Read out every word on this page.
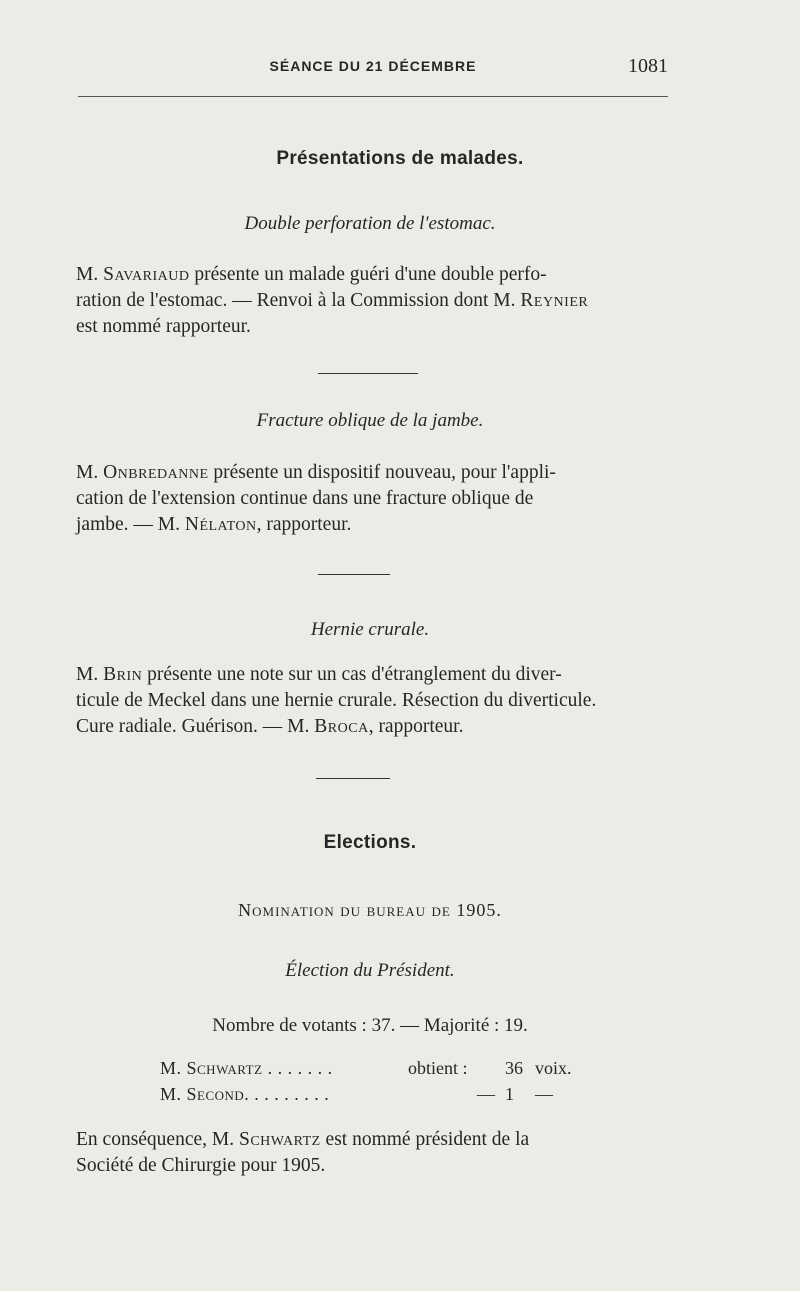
SÉANCE DU 21 DÉCEMBRE	1081
Présentations de malades.
Double perforation de l'estomac.
M. Savariaud présente un malade guéri d'une double perfo-
ration de l'estomac. — Renvoi à la Commission dont M. Reynier
est nommé rapporteur.
Fracture oblique de la jambe.
M. Onbredanne présente un dispositif nouveau, pour l'appli-
cation de l'extension continue dans une fracture oblique de
jambe. — M. Nélaton, rapporteur.
Hernie crurale.
M. Brin présente une note sur un cas d'étranglement du diver-
ticule de Meckel dans une hernie crurale. Résection du diverticule.
Cure radiale. Guérison. — M. Broca, rapporteur.
Elections.
Nomination du bureau de 1905.
Élection du Président.
Nombre de votants : 37. — Majorité : 19.
M. Schwartz . . . . . . .	obtient : 36 voix.
M. Second. . . . . . . . .	— 1 —
En conséquence, M. Schwartz est nommé président de la
Société de Chirurgie pour 1905.
